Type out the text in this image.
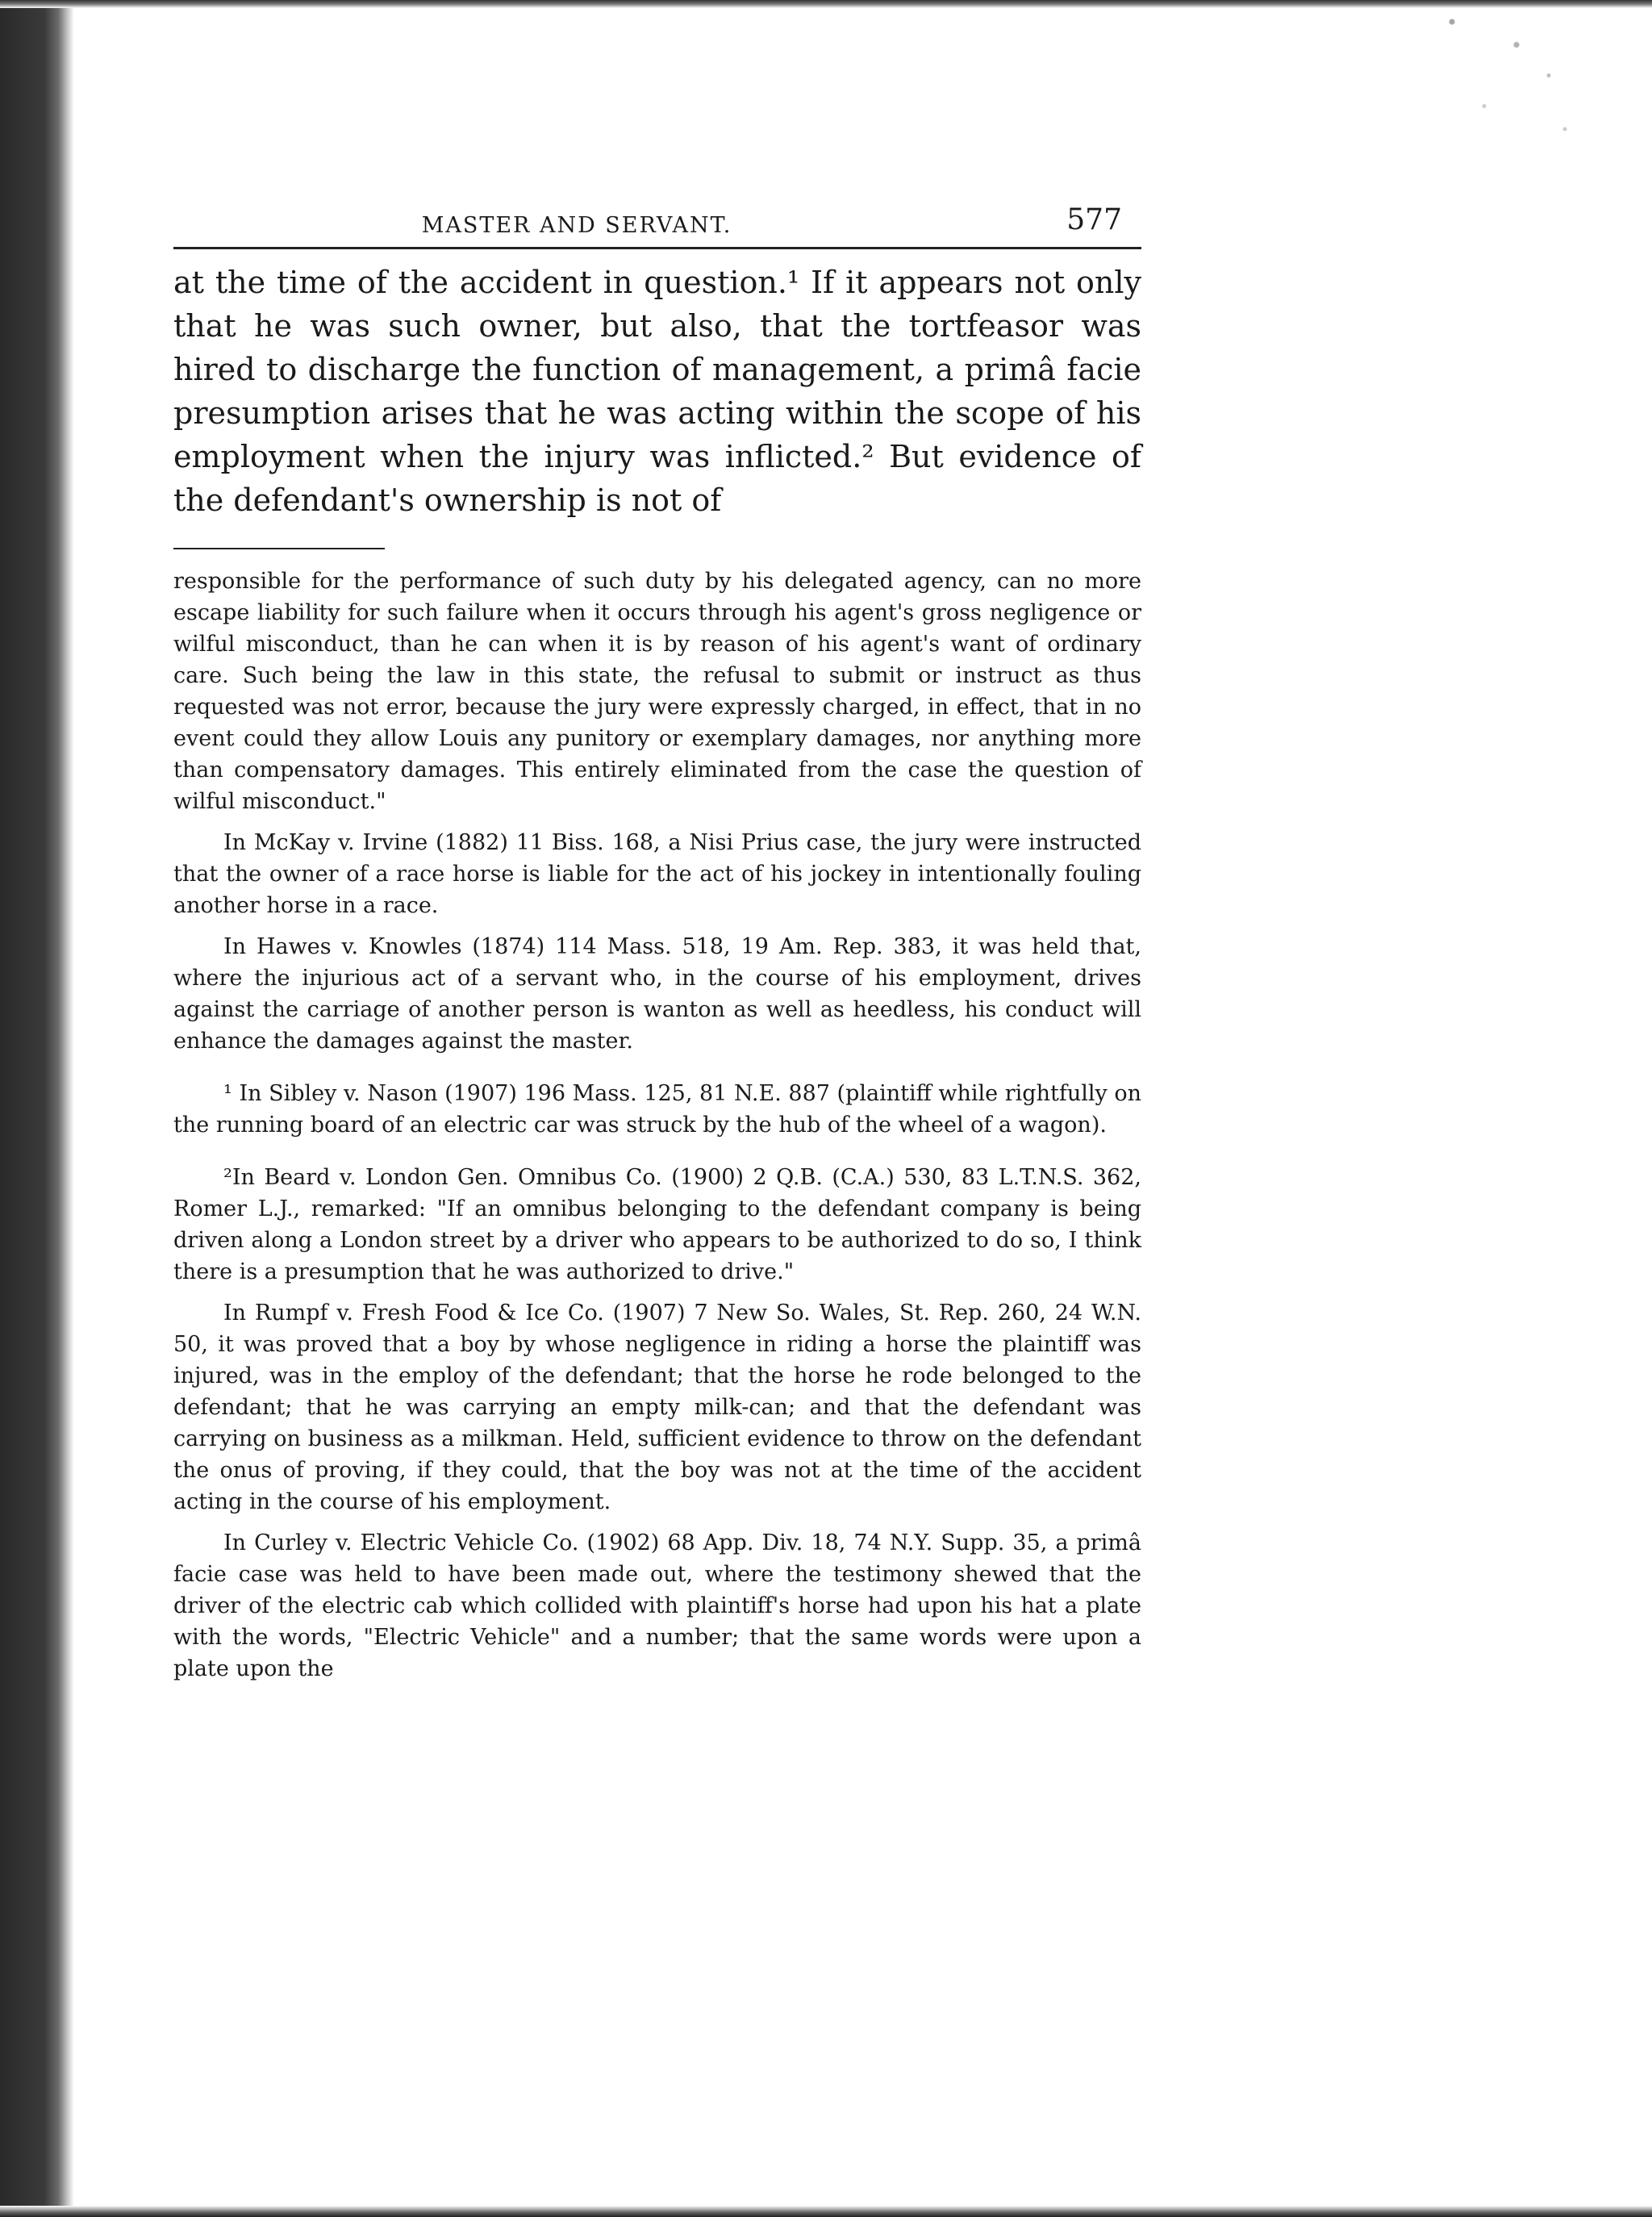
MASTER AND SERVANT.	577

at the time of the accident in question.¹ If it appears not only that he was such owner, but also, that the tortfeasor was hired to discharge the function of management, a primâ facie presumption arises that he was acting within the scope of his employment when the injury was inflicted.² But evidence of the defendant's ownership is not of

responsible for the performance of such duty by his delegated agency, can no more escape liability for such failure when it occurs through his agent's gross negligence or wilful misconduct, than he can when it is by reason of his agent's want of ordinary care. Such being the law in this state, the refusal to submit or instruct as thus requested was not error, because the jury were expressly charged, in effect, that in no event could they allow Louis any punitory or exemplary damages, nor anything more than compensatory damages. This entirely eliminated from the case the question of wilful misconduct."

In McKay v. Irvine (1882) 11 Biss. 168, a Nisi Prius case, the jury were instructed that the owner of a race horse is liable for the act of his jockey in intentionally fouling another horse in a race.

In Hawes v. Knowles (1874) 114 Mass. 518, 19 Am. Rep. 383, it was held that, where the injurious act of a servant who, in the course of his employment, drives against the carriage of another person is wanton as well as heedless, his conduct will enhance the damages against the master.

¹ In Sibley v. Nason (1907) 196 Mass. 125, 81 N.E. 887 (plaintiff while rightfully on the running board of an electric car was struck by the hub of the wheel of a wagon).

²In Beard v. London Gen. Omnibus Co. (1900) 2 Q.B. (C.A.) 530, 83 L.T.N.S. 362, Romer L.J., remarked: "If an omnibus belonging to the defendant company is being driven along a London street by a driver who appears to be authorized to do so, I think there is a presumption that he was authorized to drive."

In Rumpf v. Fresh Food & Ice Co. (1907) 7 New So. Wales, St. Rep. 260, 24 W.N. 50, it was proved that a boy by whose negligence in riding a horse the plaintiff was injured, was in the employ of the defendant; that the horse he rode belonged to the defendant; that he was carrying an empty milk-can; and that the defendant was carrying on business as a milkman. Held, sufficient evidence to throw on the defendant the onus of proving, if they could, that the boy was not at the time of the accident acting in the course of his employment.

In Curley v. Electric Vehicle Co. (1902) 68 App. Div. 18, 74 N.Y. Supp. 35, a primâ facie case was held to have been made out, where the testimony shewed that the driver of the electric cab which collided with plaintiff's horse had upon his hat a plate with the words, "Electric Vehicle" and a number; that the same words were upon a plate upon the
